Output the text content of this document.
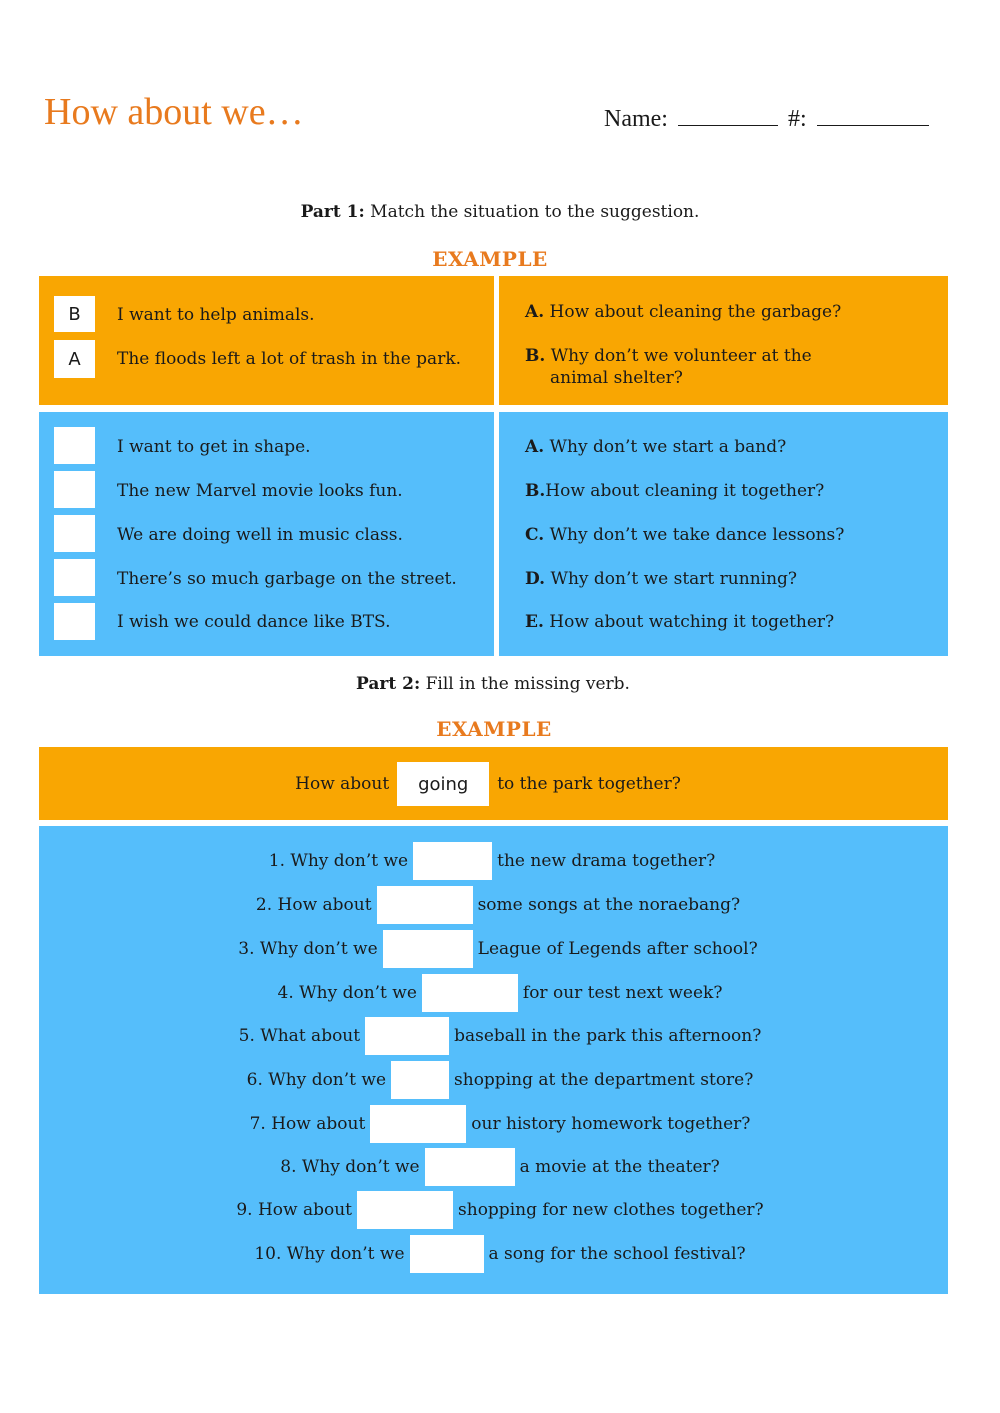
How about we…	Name:	#:
Part 1: Match the situation to the suggestion.
EXAMPLE
B	I want to help animals.
A	The floods left a lot of trash in the park.
A. How about cleaning the garbage?
B. Why don’t we volunteer at the
animal shelter?
I want to get in shape.
The new Marvel movie looks fun.
We are doing well in music class.
There’s so much garbage on the street.
I wish we could dance like BTS.
A. Why don’t we start a band?
B.How about cleaning it together?
C. Why don’t we take dance lessons?
D. Why don’t we start running?
E. How about watching it together?
Part 2: Fill in the missing verb.
EXAMPLE
How about	going	to the park together?
1. Why don’t we	the new drama together?
2. How about	some songs at the noraebang?
3. Why don’t we	League of Legends after school?
4. Why don’t we	for our test next week?
5. What about	baseball in the park this afternoon?
6. Why don’t we	shopping at the department store?
7. How about	our history homework together?
8. Why don’t we	a movie at the theater?
9. How about	shopping for new clothes together?
10. Why don’t we	a song for the school festival?
